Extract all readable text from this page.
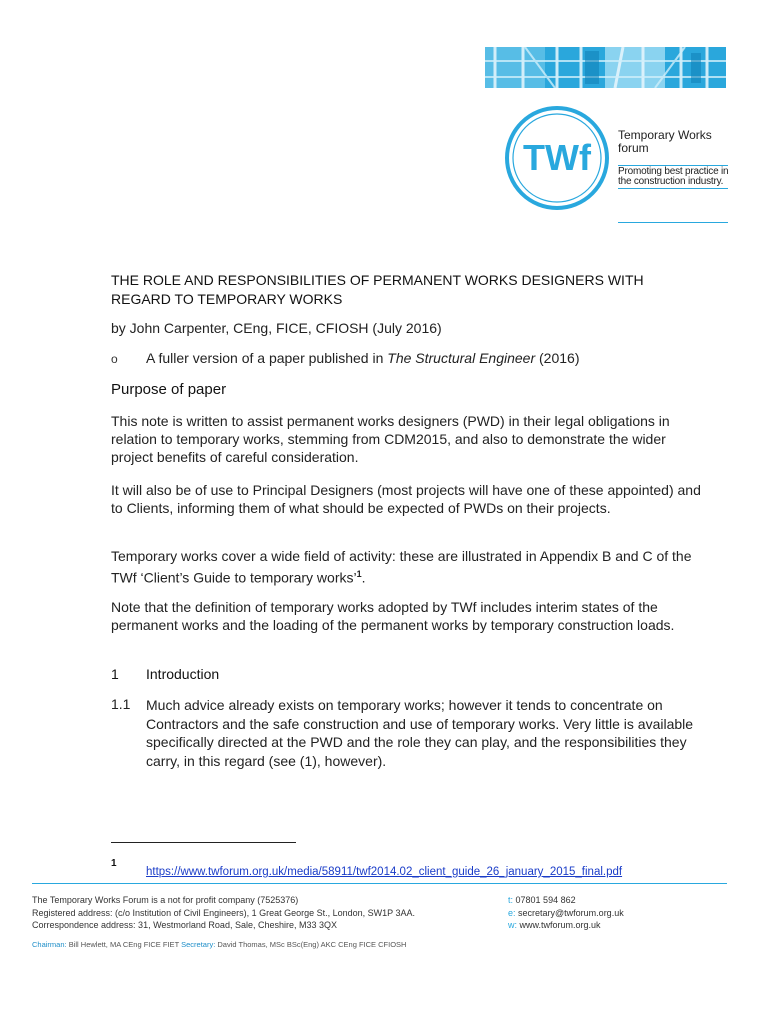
TWf
Temporary Works
forum
Promoting best practice in
the construction industry.
THE ROLE AND RESPONSIBILITIES OF PERMANENT WORKS DESIGNERS WITH
REGARD TO TEMPORARY WORKS
by John Carpenter, CEng, FICE, CFIOSH (July 2016)
o A fuller version of a paper published in The Structural Engineer (2016)
Purpose of paper
This note is written to assist permanent works designers (PWD) in their legal obligations in relation to temporary works, stemming from CDM2015, and also to demonstrate the wider project benefits of careful consideration.
It will also be of use to Principal Designers (most projects will have one of these appointed) and to Clients, informing them of what should be expected of PWDs on their projects.
Temporary works cover a wide field of activity: these are illustrated in Appendix B and C of the TWf ‘Client’s Guide to temporary works’$^1$.
Note that the definition of temporary works adopted by TWf includes interim states of the permanent works and the loading of the permanent works by temporary construction loads.
1 Introduction
1.1 Much advice already exists on temporary works; however it tends to concentrate on Contractors and the safe construction and use of temporary works. Very little is available specifically directed at the PWD and the role they can play, and the responsibilities they carry, in this regard (see (1), however).
1
https://www.twforum.org.uk/media/58911/twf2014.02_client_guide_26_january_2015_final.pdf
The Temporary Works Forum is a not for profit company (7525376)
Registered address: (c/o Institution of Civil Engineers), 1 Great George St., London, SW1P 3AA.
Correspondence address: 31, Westmorland Road, Sale, Cheshire, M33 3QX
t: 07801 594 862
e: secretary@twforum.org.uk
w: www.twforum.org.uk
Chairman: Bill Hewlett, MA CEng FICE FIET Secretary: David Thomas, MSc BSc(Eng) AKC CEng FICE CFIOSH
